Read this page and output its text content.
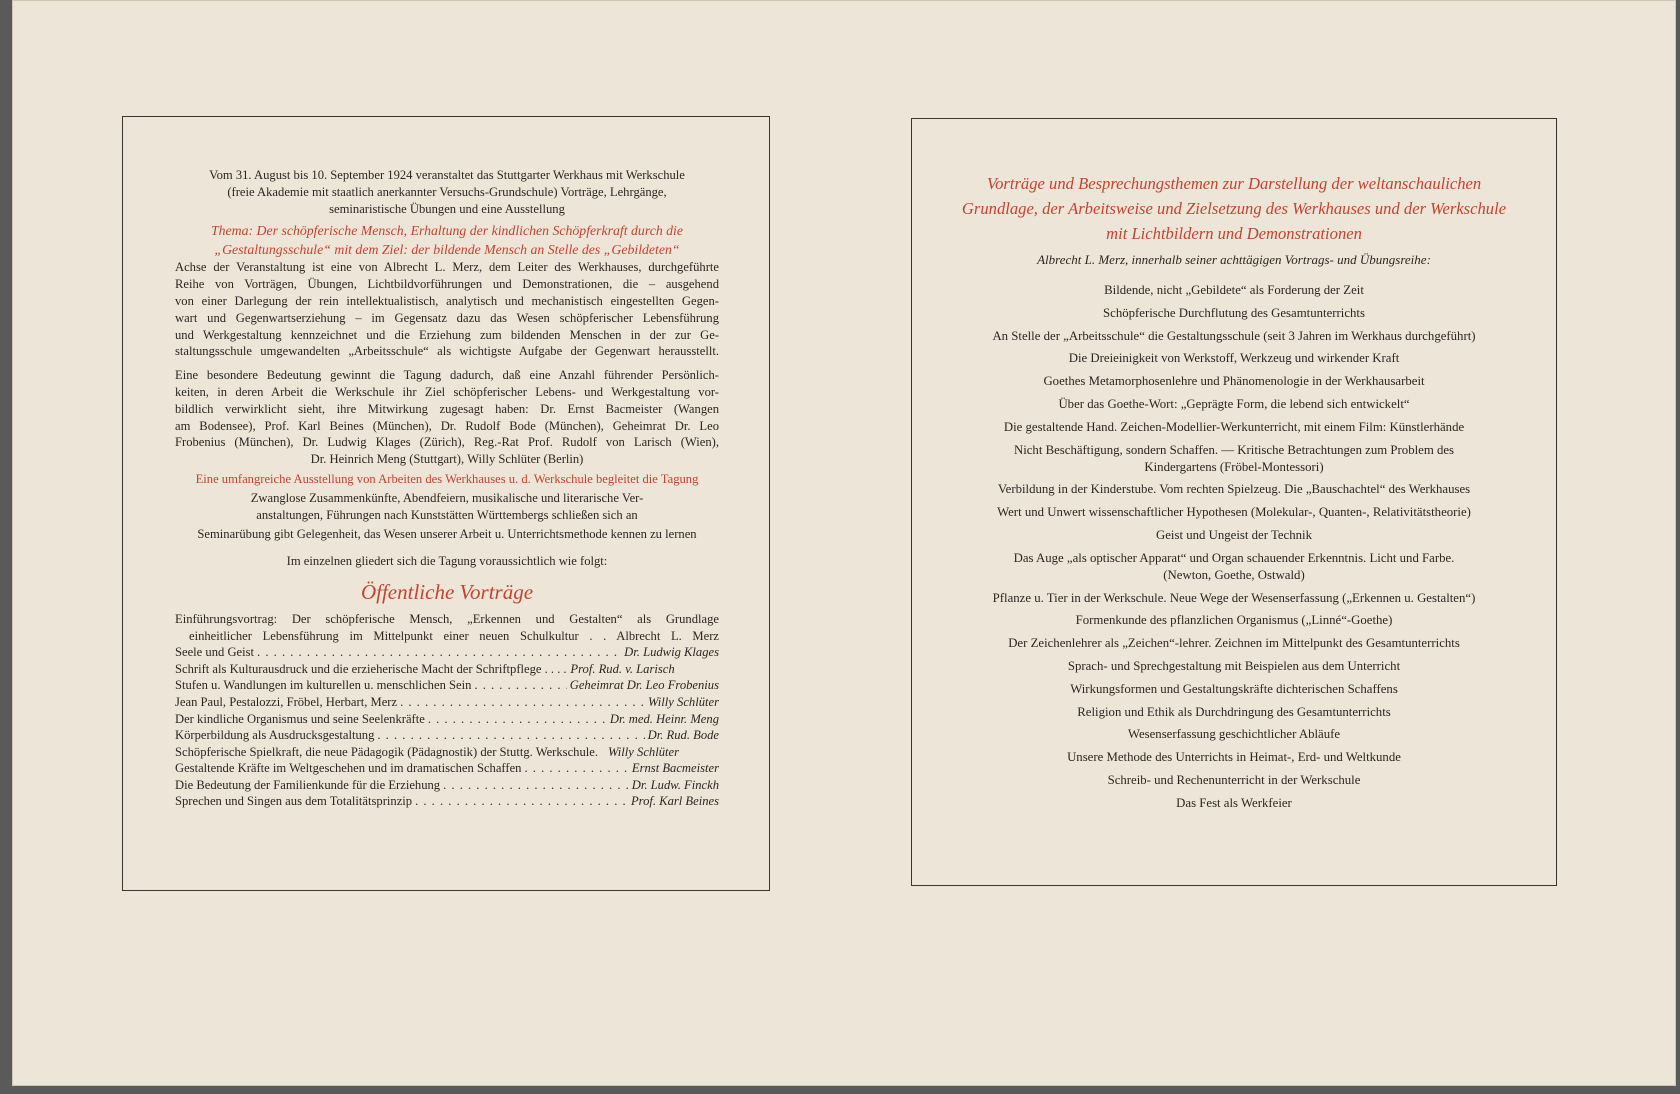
Vom 31. August bis 10. September 1924 veranstaltet das Stuttgarter Werkhaus mit Werkschule

(freie Akademie mit staatlich anerkannter Versuchs-Grundschule) Vorträge, Lehrgänge,

seminaristische Übungen und eine Ausstellung

Thema: Der schöpferische Mensch, Erhaltung der kindlichen Schöpferkraft durch die

„Gestaltungsschule“ mit dem Ziel: der bildende Mensch an Stelle des „Gebildeten“

Achse der Veranstaltung ist eine von Albrecht L. Merz, dem Leiter des Werkhauses, durchgeführte

Reihe von Vorträgen, Übungen, Lichtbildvorführungen und Demonstrationen, die – ausgehend

von einer Darlegung der rein intellektualistisch, analytisch und mechanistisch eingestellten Gegen-

wart und Gegenwartserziehung – im Gegensatz dazu das Wesen schöpferischer Lebensführung

und Werkgestaltung kennzeichnet und die Erziehung zum bildenden Menschen in der zur Ge-

staltungsschule umgewandelten „Arbeitsschule“ als wichtigste Aufgabe der Gegenwart herausstellt.

Eine besondere Bedeutung gewinnt die Tagung dadurch, daß eine Anzahl führender Persönlich-

keiten, in deren Arbeit die Werkschule ihr Ziel schöpferischer Lebens- und Werkgestaltung vor-

bildlich verwirklicht sieht, ihre Mitwirkung zugesagt haben: Dr. Ernst Bacmeister (Wangen

am Bodensee), Prof. Karl Beines (München), Dr. Rudolf Bode (München), Geheimrat Dr. Leo

Frobenius (München), Dr. Ludwig Klages (Zürich), Reg.-Rat Prof. Rudolf von Larisch (Wien),

Dr. Heinrich Meng (Stuttgart), Willy Schlüter (Berlin)

Eine umfangreiche Ausstellung von Arbeiten des Werkhauses u. d. Werkschule begleitet die Tagung

Zwanglose Zusammenkünfte, Abendfeiern, musikalische und literarische Ver-

anstaltungen, Führungen nach Kunststätten Württembergs schließen sich an

Seminarübung gibt Gelegenheit, das Wesen unserer Arbeit u. Unterrichtsmethode kennen zu lernen

Im einzelnen gliedert sich die Tagung voraussichtlich wie folgt:

Öffentliche Vorträge
Einführungsvortrag: Der schöpferische Mensch, „Erkennen und Gestalten“ als Grundlage
einheitlicher Lebensführung im Mittelpunkt einer neuen Schulkultur . . Albrecht L. Merz
Seele und Geist . . .	Dr. Ludwig Klages
Schrift als Kulturausdruck und die erzieherische Macht der Schriftpflege . . . . . . Prof. Rud. v. Larisch
Stufen u. Wandlungen im kulturellen u. menschlichen Sein . . .	Geheimrat Dr. Leo Frobenius
Jean Paul, Pestalozzi, Fröbel, Herbart, Merz . . .	Willy Schlüter
Der kindliche Organismus und seine Seelenkräfte . . .	Dr. med. Heinr. Meng
Körperbildung als Ausdrucksgestaltung . . .	Dr. Rud. Bode
Schöpferische Spielkraft, die neue Pädagogik (Pädagnostik) der Stuttg. Werkschule. Willy Schlüter
Gestaltende Kräfte im Weltgeschehen und im dramatischen Schaffen . . .	Ernst Bacmeister
Die Bedeutung der Familienkunde für die Erziehung . . .	Dr. Ludw. Finckh
Sprechen und Singen aus dem Totalitätsprinzip . . .	Prof. Karl Beines
Vorträge und Besprechungsthemen zur Darstellung der weltanschaulichen
Grundlage, der Arbeitsweise und Zielsetzung des Werkhauses und der Werkschule
mit Lichtbildern und Demonstrationen
Albrecht L. Merz, innerhalb seiner achttägigen Vortrags- und Übungsreihe:

Bildende, nicht „Gebildete“ als Forderung der Zeit

Schöpferische Durchflutung des Gesamtunterrichts

An Stelle der „Arbeitsschule“ die Gestaltungsschule (seit 3 Jahren im Werkhaus durchgeführt)

Die Dreieinigkeit von Werkstoff, Werkzeug und wirkender Kraft

Goethes Metamorphosenlehre und Phänomenologie in der Werkhausarbeit

Über das Goethe-Wort: „Geprägte Form, die lebend sich entwickelt“

Die gestaltende Hand. Zeichen-Modellier-Werkunterricht, mit einem Film: Künstlerhände

Nicht Beschäftigung, sondern Schaffen. — Kritische Betrachtungen zum Problem des
Kindergartens (Fröbel-Montessori)

Verbildung in der Kinderstube. Vom rechten Spielzeug. Die „Bauschachtel“ des Werkhauses

Wert und Unwert wissenschaftlicher Hypothesen (Molekular-, Quanten-, Relativitätstheorie)

Geist und Ungeist der Technik

Das Auge „als optischer Apparat“ und Organ schauender Erkenntnis. Licht und Farbe.
(Newton, Goethe, Ostwald)

Pflanze u. Tier in der Werkschule. Neue Wege der Wesenserfassung („Erkennen u. Gestalten“)

Formenkunde des pflanzlichen Organismus („Linné“-Goethe)

Der Zeichenlehrer als „Zeichen“-lehrer. Zeichnen im Mittelpunkt des Gesamtunterrichts

Sprach- und Sprechgestaltung mit Beispielen aus dem Unterricht

Wirkungsformen und Gestaltungskräfte dichterischen Schaffens

Religion und Ethik als Durchdringung des Gesamtunterrichts

Wesenserfassung geschichtlicher Abläufe

Unsere Methode des Unterrichts in Heimat-, Erd- und Weltkunde

Schreib- und Rechenunterricht in der Werkschule

Das Fest als Werkfeier
